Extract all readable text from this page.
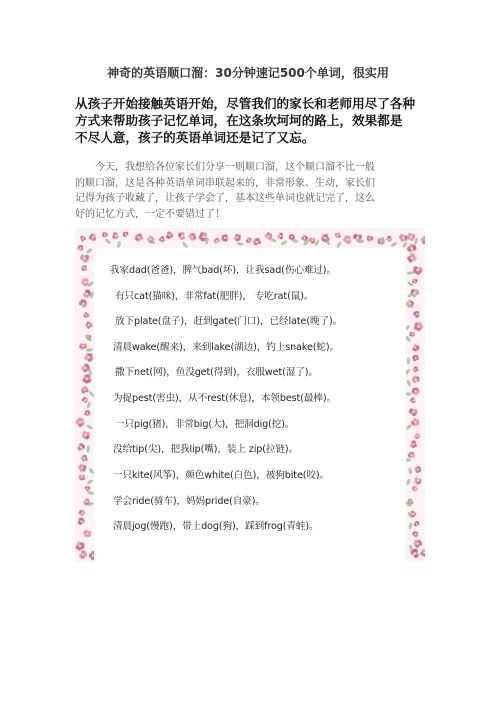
神奇的英语顺口溜：30分钟速记500个单词，很实用

从孩子开始接触英语开始，尽管我们的家长和老师用尽了各种

方式来帮助孩子记忆单词，在这条坎坷坷的路上，效果都是

不尽人意，孩子的英语单词还是记了又忘。

今天，我想给各位家长们分享一则顺口溜，这个顺口溜不比一般

的顺口溜，这是各种英语单词串联起来的，非常形象、生动，家长们

记得为孩子收藏了，让孩子学会了，基本这些单词也就记完了，这么

好的记忆方式，一定不要错过了！

我家dad(爸爸)，脾气bad(坏)，让我sad(伤心难过)。
有只cat(猫咪)，非常fat(肥胖)， 专吃rat(鼠)。
放下plate(盘子)，赶到gate(门口)，已经late(晚了)。
清晨wake(醒来)，来到lake(湖边)，钓上snake(蛇)。
撒下net(网)，鱼没get(得到)，衣服wet(湿了)。
为捉pest(害虫)，从不rest(休息)，本领best(最棒)。
一只pig(猪)，非常big(大)，把洞dig(挖)。
没给tip(尖)，把我lip(嘴)，装上 zip(拉链)。
一只kite(风筝)，颜色white(白色)，被狗bite(咬)。
学会ride(骑车)，妈妈pride(自豪)。
清晨jog(慢跑)，带上dog(狗)，踩到frog(青蛙)。
